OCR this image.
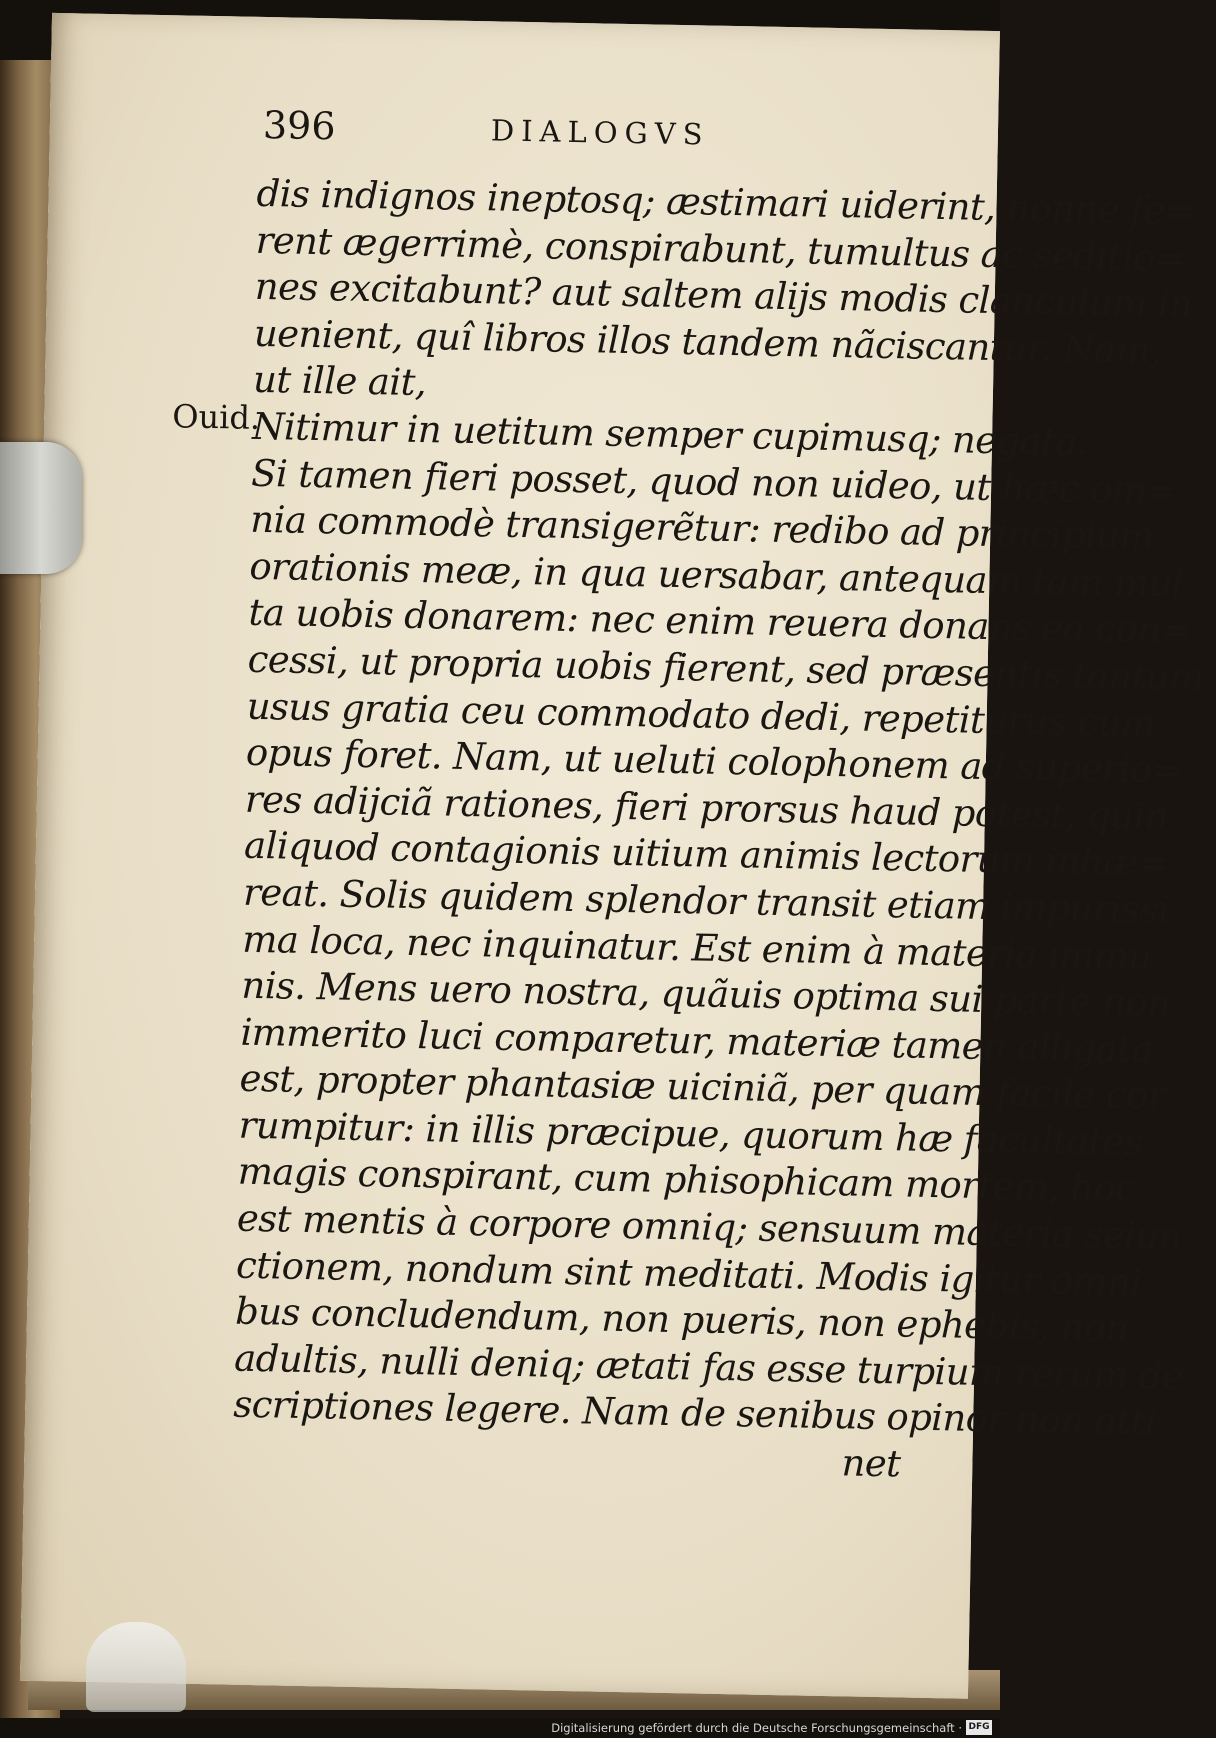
396	DIALOGVS
dis indignos ineptosq; æstimari uiderint, nonne fe=
rent ægerrimè, conspirabunt, tumultus ac seditio=
nes excitabunt? aut saltem alijs modis clanculum in
uenient, quî libros illos tandem nãciscantur. Nam,
ut ille ait,
Nitimur in uetitum semper cupimusq; negata.
Si tamen fieri posset, quod non uideo, ut hæc om=
nia commodè transigerẽtur: redibo ad principium
orationis meæ, in qua uersabar, antequam tam mul
ta uobis donarem: nec enim reuera donans ea con=
cessi, ut propria uobis fierent, sed præsentis tantum
usus gratia ceu commodato dedi, repetiturus cum
opus foret. Nam, ut ueluti colophonem ad superio=
res adijciã rationes, fieri prorsus haud potest, quin
aliquod contagionis uitium animis lectorum inhæ=
reat. Solis quidem splendor transit etiam impurissi
ma loca, nec inquinatur. Est enim à materia immu
nis. Mens uero nostra, quãuis optima sui parte non
immerito luci comparetur, materiæ tamen alligata
est, propter phantasiæ uiciniã, per quam facile cor
rumpitur: in illis præcipue, quorum hæ facultates
magis conspirant, cum phisophicam mortem, hoc
est mentis à corpore omniq; sensuum materia seiun
ctionem, nondum sint meditati. Modis igitur omni
bus concludendum, non pueris, non ephebis, non
adultis, nulli deniq; ætati fas esse turpium rerum de
scriptiones legere. Nam de senibus opinor non atti
net
Ouid.
Digitalisierung gefördert durch die Deutsche Forschungsgemeinschaft · DFG
